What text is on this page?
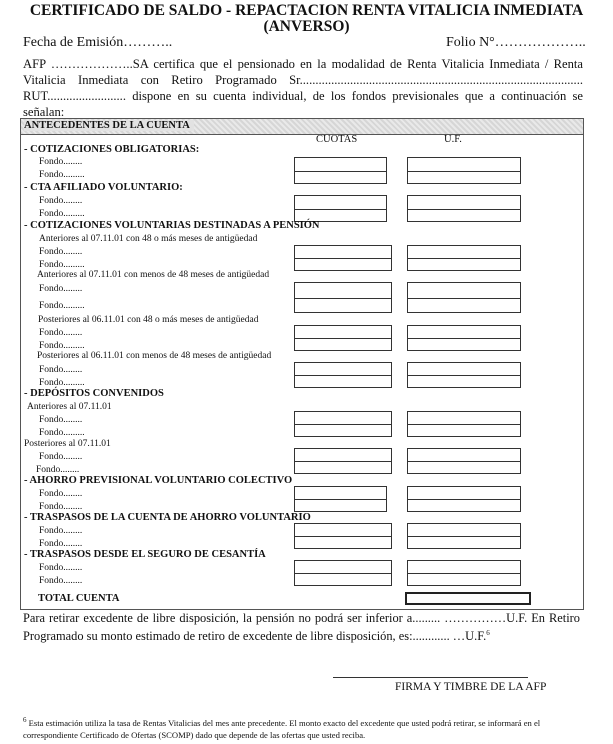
CERTIFICADO DE SALDO - REPACTACION RENTA VITALICIA INMEDIATA
(ANVERSO)
Fecha de Emisión………..	Folio N°………………..
AFP ………………..SA certifica que el pensionado en la modalidad de Renta Vitalicia Inmediata / Renta Vitalicia Inmediata con Retiro Programado Sr.......................................................................................... RUT......................... dispone en su cuenta individual, de los fondos previsionales que a continuación se señalan:
ANTECEDENTES DE LA CUENTA
CUOTAS	U.F.
- COTIZACIONES OBLIGATORIAS:
Fondo........
Fondo.........
- CTA AFILIADO VOLUNTARIO:
Fondo........
Fondo.........
- COTIZACIONES VOLUNTARIAS DESTINADAS A PENSIÓN
Anteriores al 07.11.01 con 48 o más meses de antigüedad
Fondo........
Fondo.........
Anteriores al 07.11.01 con menos de 48 meses de antigüedad
Fondo........
Fondo.........
Posteriores al 06.11.01 con 48 o más meses de antigüedad
Fondo........
Fondo.........
Posteriores al 06.11.01 con menos de 48 meses de antigüedad
Fondo........
Fondo.........
- DEPÓSITOS CONVENIDOS
Anteriores al 07.11.01
Fondo........
Fondo.........
Posteriores al 07.11.01
Fondo........
Fondo........
- AHORRO PREVISIONAL VOLUNTARIO COLECTIVO
Fondo........
Fondo........
- TRASPASOS DE LA CUENTA DE AHORRO VOLUNTARIO
Fondo........
Fondo........
- TRASPASOS DESDE EL SEGURO DE CESANTÍA
Fondo........
Fondo........
TOTAL CUENTA
Para retirar excedente de libre disposición, la pensión no podrá ser inferior a......... ……………U.F. En Retiro Programado su monto estimado de retiro de excedente de libre disposición, es:............ …U.F.$^6$
FIRMA Y TIMBRE DE LA AFP
$^6$ Esta estimación utiliza la tasa de Rentas Vitalicias del mes ante precedente. El monto exacto del excedente que usted podrá retirar, se informará en el correspondiente Certificado de Ofertas (SCOMP) dado que depende de las ofertas que usted reciba.
